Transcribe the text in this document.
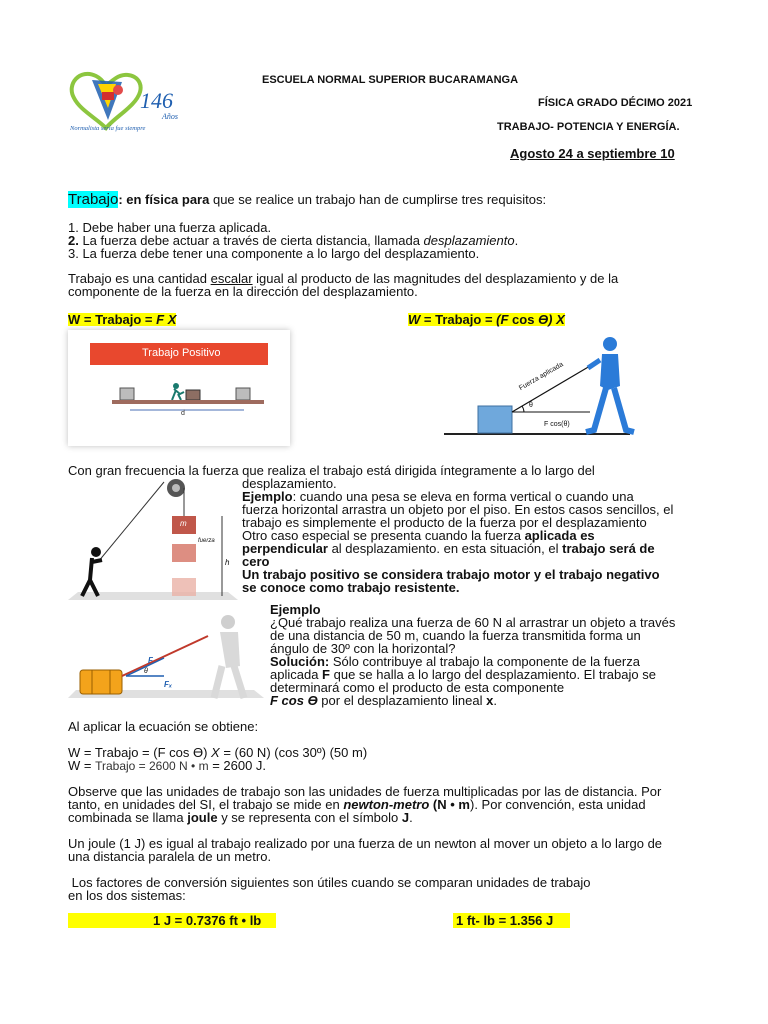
146
Años
Normalista sería fue siempre
ESCUELA NORMAL SUPERIOR BUCARAMANGA
FÍSICA GRADO DÉCIMO 2021
TRABAJO- POTENCIA Y ENERGÍA.
Agosto 24 a septiembre 10

Trabajo: en física para que se realice un trabajo han de cumplirse tres requisitos:

1. Debe haber una fuerza aplicada.

2. La fuerza debe actuar a través de cierta distancia, llamada desplazamiento.

3. La fuerza debe tener una componente a lo largo del desplazamiento.

Trabajo es una cantidad escalar igual al producto de las magnitudes del desplazamiento y de la

componente de la fuerza en la dirección del desplazamiento.

W = Trabajo = F X	W = Trabajo = (F cos ϴ) X

Trabajo Positivo
d
Fuerza aplicada
θ
F cos(θ)

Con gran frecuencia la fuerza que realiza el trabajo está dirigida íntegramente a lo largo del

desplazamiento.

Ejemplo: cuando una pesa se eleva en forma vertical o cuando una

fuerza horizontal arrastra un objeto por el piso. En estos casos sencillos, el

trabajo es simplemente el producto de la fuerza por el desplazamiento

Otro caso especial se presenta cuando la fuerza aplicada es

perpendicular al desplazamiento. en esta situación, el trabajo será de

cero

Un trabajo positivo se considera trabajo motor y el trabajo negativo

se conoce como trabajo resistente.

m
h
fuerza

Ejemplo

¿Qué trabajo realiza una fuerza de 60 N al arrastrar un objeto a través

de una distancia de 50 m, cuando la fuerza transmitida forma un

ángulo de 30º con la horizontal?

Solución: Sólo contribuye al trabajo la componente de la fuerza

aplicada F que se halla a lo largo del desplazamiento. El trabajo se

determinará como el producto de esta componente

F cos ϴ por el desplazamiento lineal x.

F
θ
Fₓ

Al aplicar la ecuación se obtiene:

W = Trabajo = (F cos ϴ) X = (60 N) (cos 30º) (50 m)

W = Trabajo = 2600 N • m = 2600 J.

Observe que las unidades de trabajo son las unidades de fuerza multiplicadas por las de distancia. Por

tanto, en unidades del SI, el trabajo se mide en newton-metro (N • m). Por convención, esta unidad

combinada se llama joule y se representa con el símbolo J.

Un joule (1 J) es igual al trabajo realizado por una fuerza de un newton al mover un objeto a lo largo de

una distancia paralela de un metro.

Los factores de conversión siguientes son útiles cuando se comparan unidades de trabajo

en los dos sistemas:

1 J = 0.7376 ft • lb	1 ft- lb = 1.356 J
